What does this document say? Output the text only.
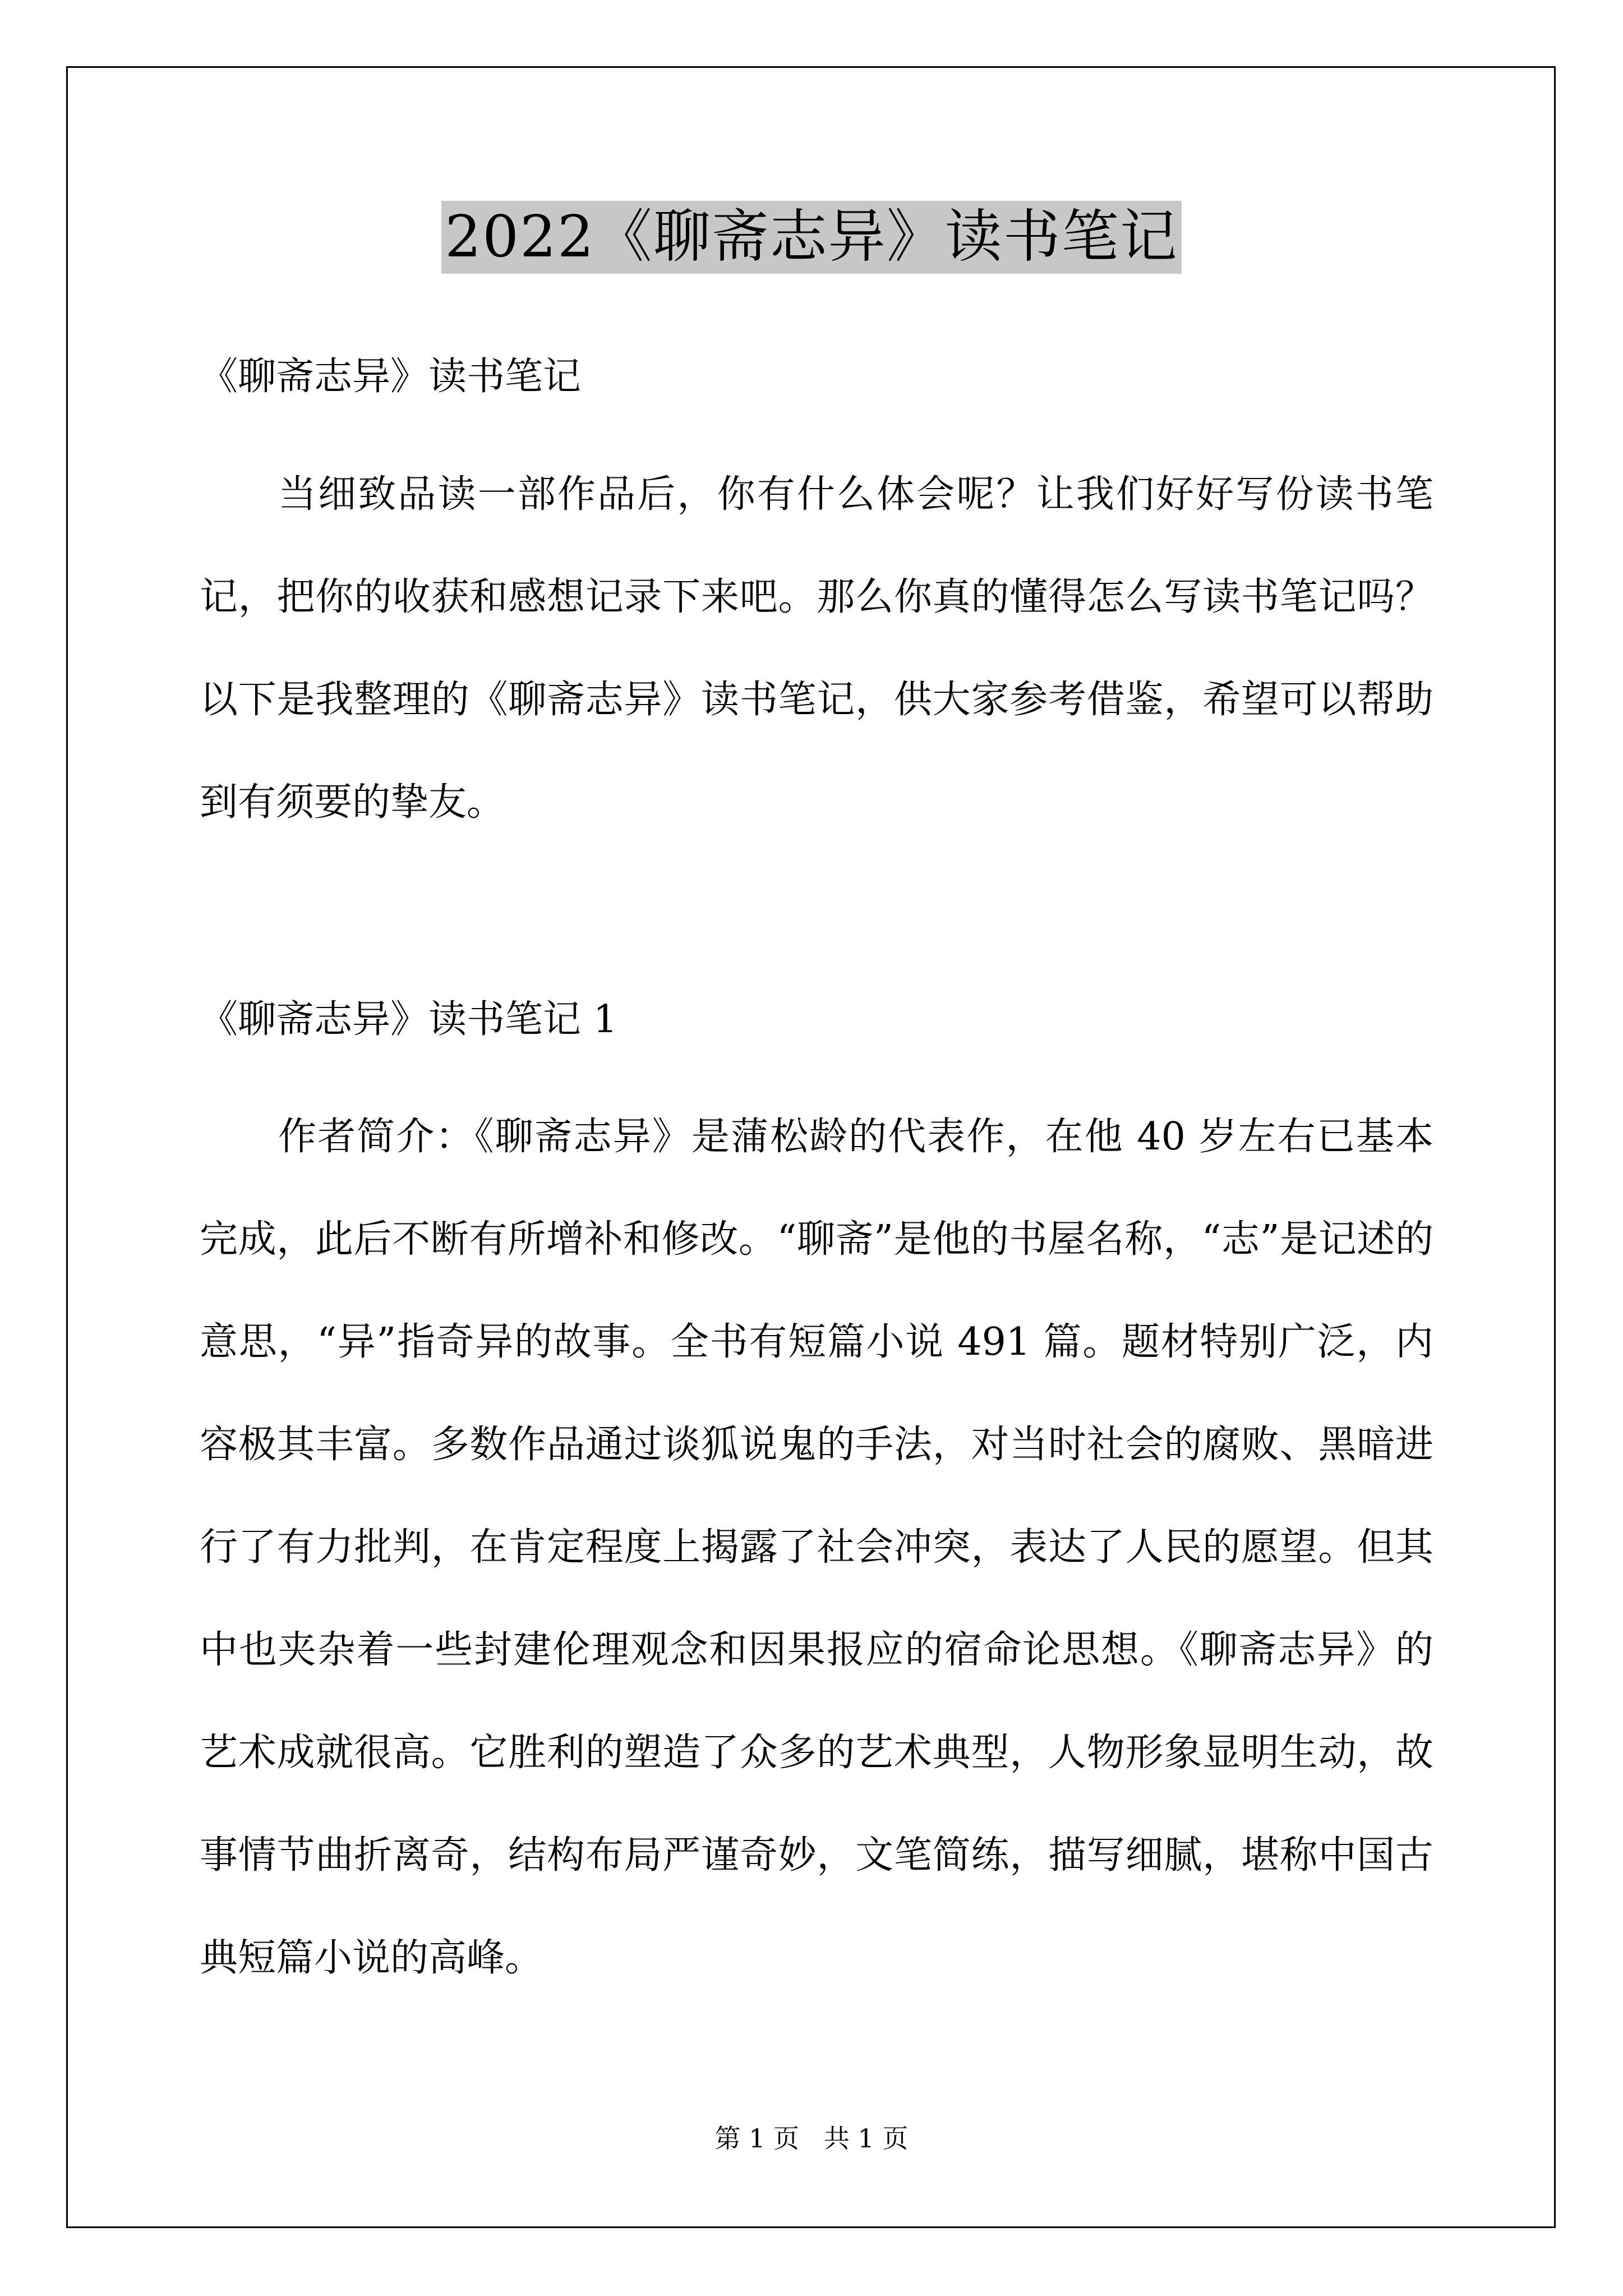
2022《聊斋志异》读书笔记
《聊斋志异》读书笔记

当细致品读一部作品后，你有什么体会呢？让我们好好写份读书笔记，把你的收获和感想记录下来吧。那么你真的懂得怎么写读书笔记吗？以下是我整理的《聊斋志异》读书笔记，供大家参考借鉴，希望可以帮助到有须要的挚友。

《聊斋志异》读书笔记 1

作者简介：《聊斋志异》是蒲松龄的代表作，在他 40 岁左右已基本完成，此后不断有所增补和修改。“聊斋”是他的书屋名称，“志”是记述的意思，“异”指奇异的故事。全书有短篇小说 491 篇。题材特别广泛，内容极其丰富。多数作品通过谈狐说鬼的手法，对当时社会的腐败、黑暗进行了有力批判，在肯定程度上揭露了社会冲突，表达了人民的愿望。但其中也夹杂着一些封建伦理观念和因果报应的宿命论思想。《聊斋志异》的艺术成就很高。它胜利的塑造了众多的艺术典型，人物形象显明生动，故事情节曲折离奇，结构布局严谨奇妙，文笔简练，描写细腻，堪称中国古典短篇小说的高峰。

第 1 页   共 1 页
